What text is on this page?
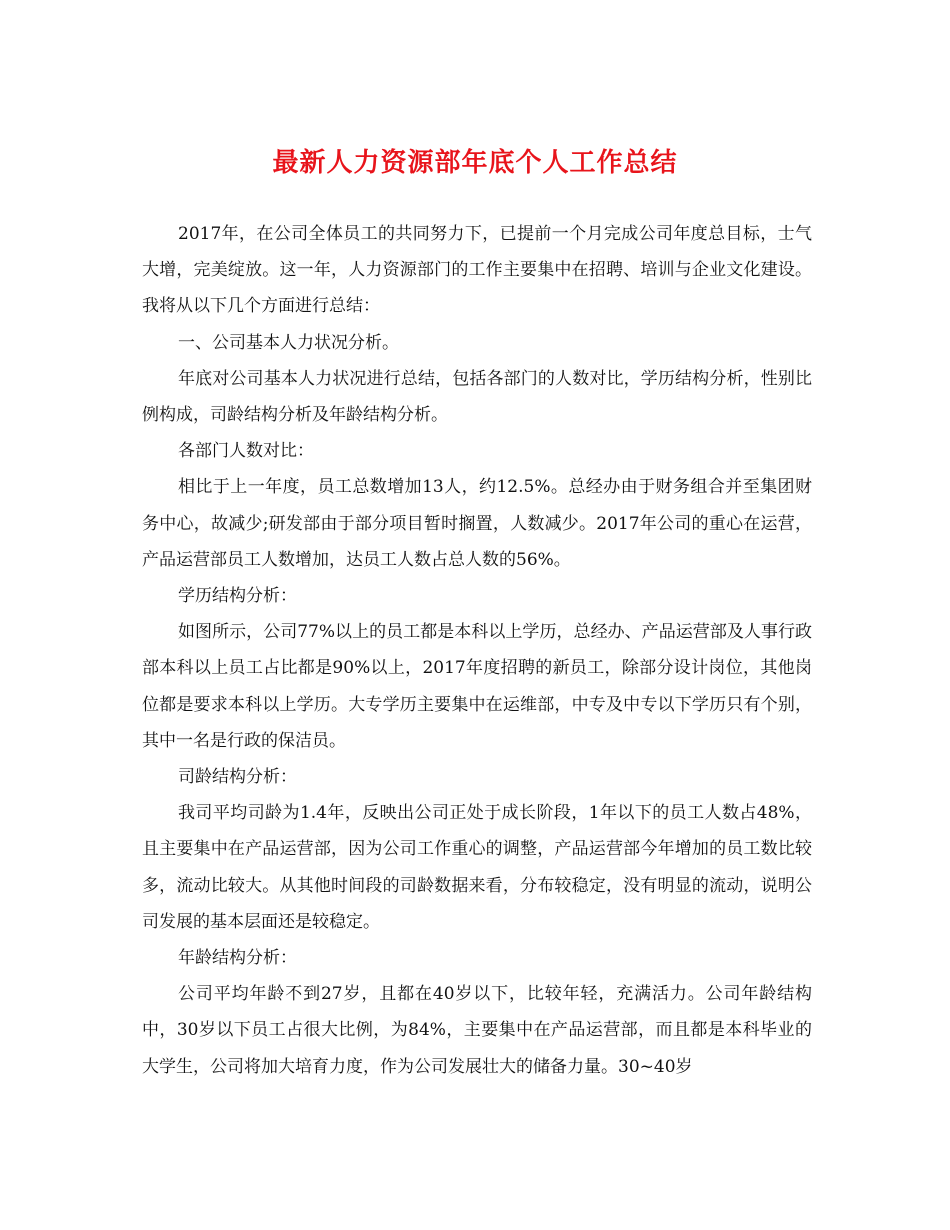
最新人力资源部年底个人工作总结

2017年，在公司全体员工的共同努力下，已提前一个月完成公司年度总目标，士气大增，完美绽放。这一年，人力资源部门的工作主要集中在招聘、培训与企业文化建设。我将从以下几个方面进行总结：

一、公司基本人力状况分析。

年底对公司基本人力状况进行总结，包括各部门的人数对比，学历结构分析，性别比例构成，司龄结构分析及年龄结构分析。

各部门人数对比：

相比于上一年度，员工总数增加13人，约12.5%。总经办由于财务组合并至集团财务中心，故减少;研发部由于部分项目暂时搁置，人数减少。2017年公司的重心在运营，产品运营部员工人数增加，达员工人数占总人数的56%。

学历结构分析：

如图所示，公司77%以上的员工都是本科以上学历，总经办、产品运营部及人事行政部本科以上员工占比都是90%以上，2017年度招聘的新员工，除部分设计岗位，其他岗位都是要求本科以上学历。大专学历主要集中在运维部，中专及中专以下学历只有个别，其中一名是行政的保洁员。

司龄结构分析：

我司平均司龄为1.4年，反映出公司正处于成长阶段，1年以下的员工人数占48%，且主要集中在产品运营部，因为公司工作重心的调整，产品运营部今年增加的员工数比较多，流动比较大。从其他时间段的司龄数据来看，分布较稳定，没有明显的流动，说明公司发展的基本层面还是较稳定。

年龄结构分析：

公司平均年龄不到27岁，且都在40岁以下，比较年轻，充满活力。公司年龄结构中，30岁以下员工占很大比例，为84%，主要集中在产品运营部，而且都是本科毕业的大学生，公司将加大培育力度，作为公司发展壮大的储备力量。30~40岁
